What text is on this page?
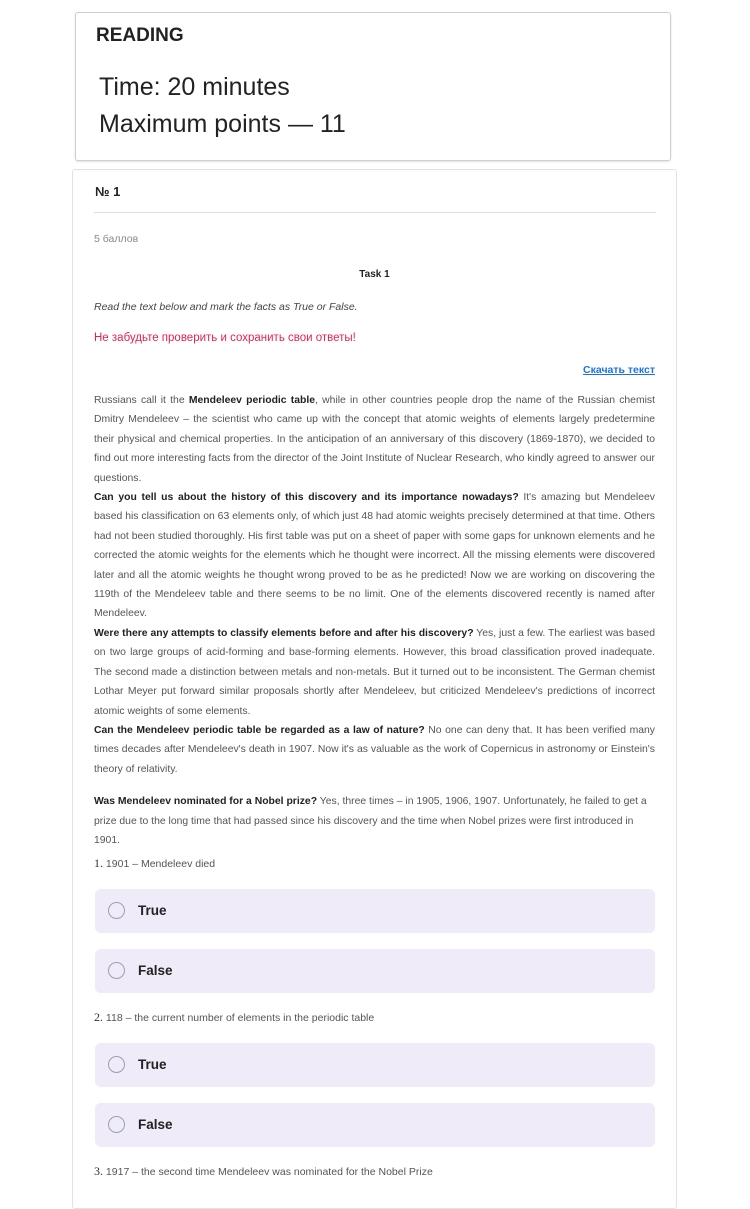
READING
Time: 20 minutes
Maximum points — 11
№ 1
5 баллов
Task 1
Read the text below and mark the facts as True or False.
Не забудьте проверить и сохранить свои ответы!
Скачать текст

Russians call it the Mendeleev periodic table, while in other countries people drop the name of the Russian chemist Dmitry Mendeleev – the scientist who came up with the concept that atomic weights of elements largely predetermine their physical and chemical properties. In the anticipation of an anniversary of this discovery (1869-1870), we decided to find out more interesting facts from the director of the Joint Institute of Nuclear Research, who kindly agreed to answer our questions.

Can you tell us about the history of this discovery and its importance nowadays? It's amazing but Mendeleev based his classification on 63 elements only, of which just 48 had atomic weights precisely determined at that time. Others had not been studied thoroughly. His first table was put on a sheet of paper with some gaps for unknown elements and he corrected the atomic weights for the elements which he thought were incorrect. All the missing elements were discovered later and all the atomic weights he thought wrong proved to be as he predicted! Now we are working on discovering the 119th of the Mendeleev table and there seems to be no limit. One of the elements discovered recently is named after Mendeleev.

Were there any attempts to classify elements before and after his discovery? Yes, just a few. The earliest was based on two large groups of acid-forming and base-forming elements. However, this broad classification proved inadequate. The second made a distinction between metals and non-metals. But it turned out to be inconsistent. The German chemist Lothar Meyer put forward similar proposals shortly after Mendeleev, but criticized Mendeleev's predictions of incorrect atomic weights of some elements.

Can the Mendeleev periodic table be regarded as a law of nature? No one can deny that. It has been verified many times decades after Mendeleev's death in 1907. Now it's as valuable as the work of Copernicus in astronomy or Einstein's theory of relativity.

Was Mendeleev nominated for a Nobel prize? Yes, three times – in 1905, 1906, 1907. Unfortunately, he failed to get a prize due to the long time that had passed since his discovery and the time when Nobel prizes were first introduced in 1901.

1. 1901 – Mendeleev died
True
False
2. 118 – the current number of elements in the periodic table
True
False
3. 1917 – the second time Mendeleev was nominated for the Nobel Prize
